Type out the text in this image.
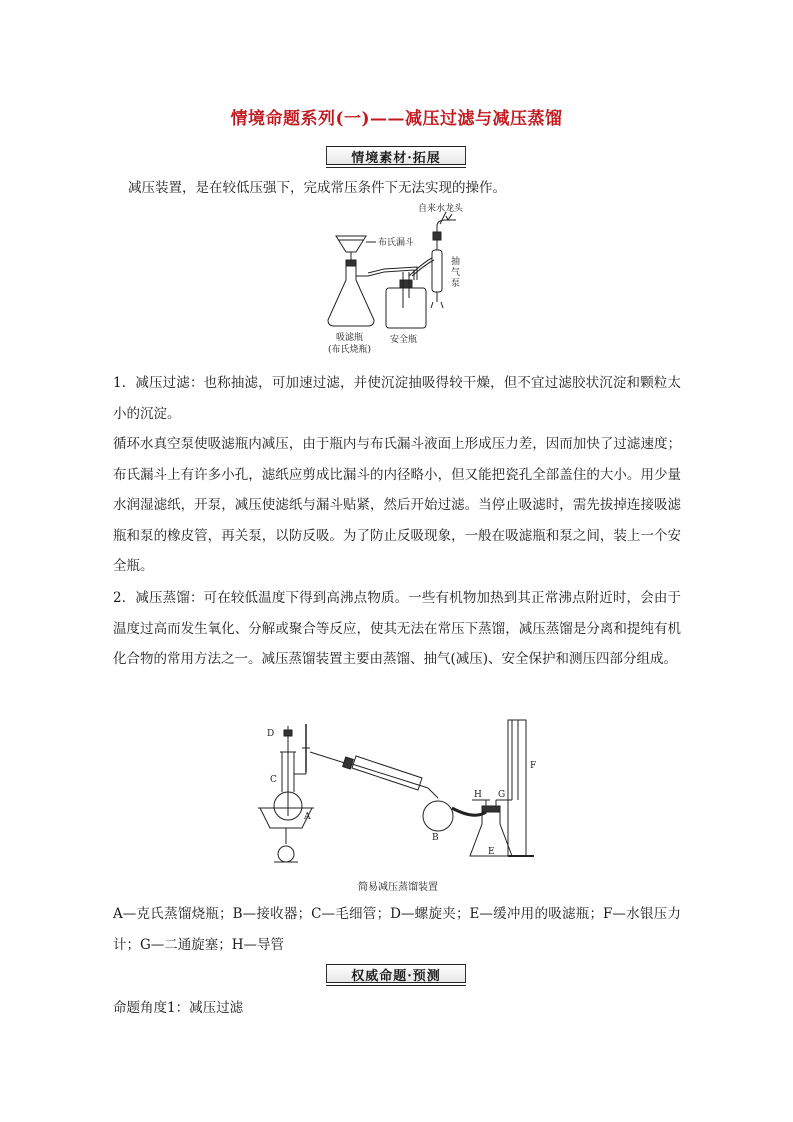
情境命题系列(一)——减压过滤与减压蒸馏
情境素材·拓展
减压装置，是在较低压强下，完成常压条件下无法实现的操作。
布氏漏斗
自来水龙头
抽气泵
吸滤瓶
(布氏烧瓶)
安全瓶
1．减压过滤：也称抽滤，可加速过滤，并使沉淀抽吸得较干燥，但不宜过滤胶状沉淀和颗粒太小的沉淀。
循环水真空泵使吸滤瓶内减压，由于瓶内与布氏漏斗液面上形成压力差，因而加快了过滤速度；布氏漏斗上有许多小孔，滤纸应剪成比漏斗的内径略小，但又能把瓷孔全部盖住的大小。用少量水润湿滤纸，开泵，减压使滤纸与漏斗贴紧，然后开始过滤。当停止吸滤时，需先拔掉连接吸滤瓶和泵的橡皮管，再关泵，以防反吸。为了防止反吸现象，一般在吸滤瓶和泵之间，装上一个安全瓶。
2．减压蒸馏：可在较低温度下得到高沸点物质。一些有机物加热到其正常沸点附近时，会由于温度过高而发生氧化、分解或聚合等反应，使其无法在常压下蒸馏，减压蒸馏是分离和提纯有机化合物的常用方法之一。减压蒸馏装置主要由蒸馏、抽气(减压)、安全保护和测压四部分组成。
D
C
A
B
H G
E
F
简易减压蒸馏装置
A—克氏蒸馏烧瓶；B—接收器；C—毛细管；D—螺旋夹；E—缓冲用的吸滤瓶；F—水银压力计；G—二通旋塞；H—导管
权威命题·预测
命题角度1：减压过滤
